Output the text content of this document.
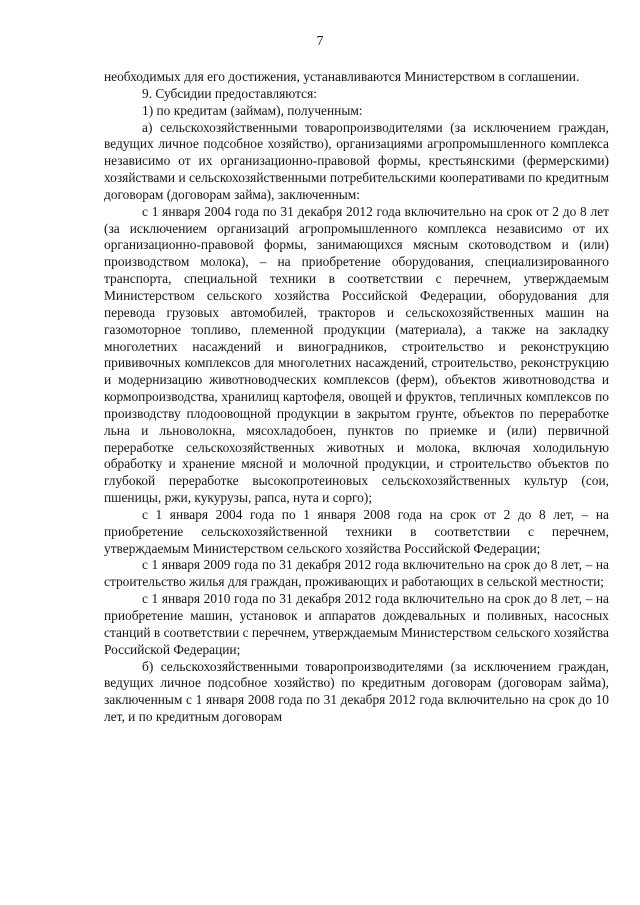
7

необходимых для его достижения, устанавливаются Министерством в соглашении.

9. Субсидии предоставляются:

1) по кредитам (займам), полученным:

а) сельскохозяйственными товаропроизводителями (за исключением граждан, ведущих личное подсобное хозяйство), организациями агропромышленного комплекса независимо от их организационно-правовой формы, крестьянскими (фермерскими) хозяйствами и сельскохозяйственными потребительскими кооперативами по кредитным договорам (договорам займа), заключенным:

с 1 января 2004 года по 31 декабря 2012 года включительно на срок от 2 до 8 лет (за исключением организаций агропромышленного комплекса независимо от их организационно-правовой формы, занимающихся мясным скотоводством и (или) производством молока), – на приобретение оборудования, специализированного транспорта, специальной техники в соответствии с перечнем, утверждаемым Министерством сельского хозяйства Российской Федерации, оборудования для перевода грузовых автомобилей, тракторов и сельскохозяйственных машин на газомоторное топливо, племенной продукции (материала), а также на закладку многолетних насаждений и виноградников, строительство и реконструкцию прививочных комплексов для многолетних насаждений, строительство, реконструкцию и модернизацию животноводческих комплексов (ферм), объектов животноводства и кормопроизводства, хранилищ картофеля, овощей и фруктов, тепличных комплексов по производству плодоовощной продукции в закрытом грунте, объектов по переработке льна и льноволокна, мясохладобоен, пунктов по приемке и (или) первичной переработке сельскохозяйственных животных и молока, включая холодильную обработку и хранение мясной и молочной продукции, и строительство объектов по глубокой переработке высокопротеиновых сельскохозяйственных культур (сои, пшеницы, ржи, кукурузы, рапса, нута и сорго);

с 1 января 2004 года по 1 января 2008 года на срок от 2 до 8 лет, – на приобретение сельскохозяйственной техники в соответствии с перечнем, утверждаемым Министерством сельского хозяйства Российской Федерации;

с 1 января 2009 года по 31 декабря 2012 года включительно на срок до 8 лет, – на строительство жилья для граждан, проживающих и работающих в сельской местности;

с 1 января 2010 года по 31 декабря 2012 года включительно на срок до 8 лет, – на приобретение машин, установок и аппаратов дождевальных и поливных, насосных станций в соответствии с перечнем, утверждаемым Министерством сельского хозяйства Российской Федерации;

б) сельскохозяйственными товаропроизводителями (за исключением граждан, ведущих личное подсобное хозяйство) по кредитным договорам (договорам займа), заключенным с 1 января 2008 года по 31 декабря 2012 года включительно на срок до 10 лет, и по кредитным договорам
